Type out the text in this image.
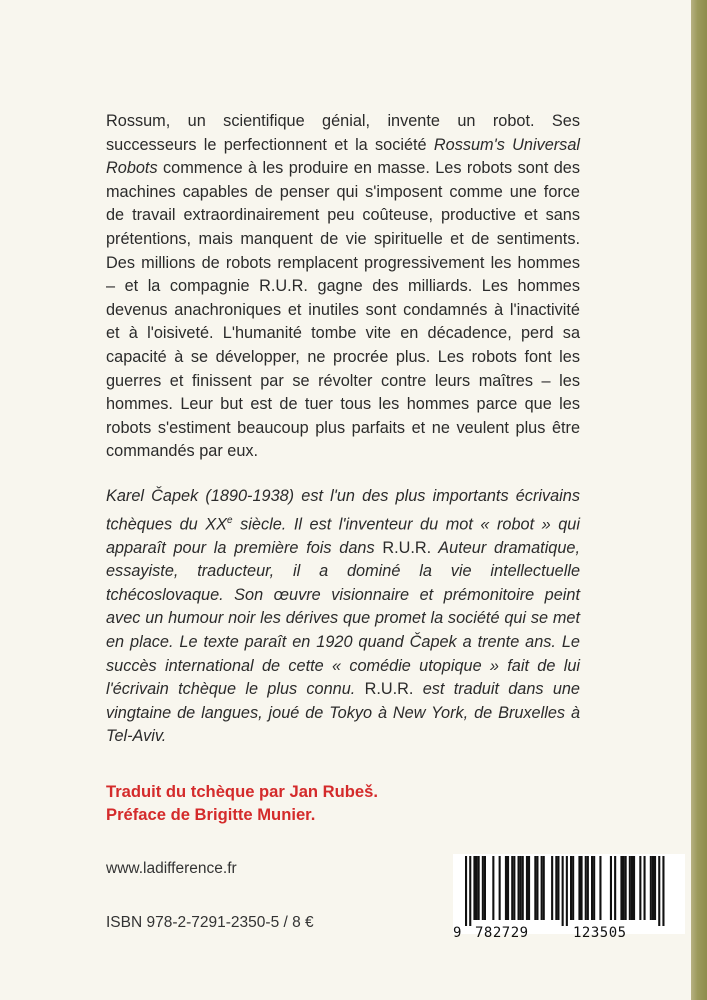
Rossum, un scientifique génial, invente un robot. Ses successeurs le perfectionnent et la société Rossum's Universal Robots commence à les produire en masse. Les robots sont des machines capables de penser qui s'imposent comme une force de travail extraordinairement peu coûteuse, productive et sans prétentions, mais manquent de vie spirituelle et de sentiments. Des millions de robots remplacent progressivement les hommes – et la compagnie R.U.R. gagne des milliards. Les hommes devenus anachroniques et inutiles sont condamnés à l'inactivité et à l'oisiveté. L'humanité tombe vite en décadence, perd sa capacité à se développer, ne procrée plus. Les robots font les guerres et finissent par se révolter contre leurs maîtres – les hommes. Leur but est de tuer tous les hommes parce que les robots s'estiment beaucoup plus parfaits et ne veulent plus être commandés par eux.

Karel Čapek (1890-1938) est l'un des plus importants écrivains tchèques du XXe siècle. Il est l'inventeur du mot « robot » qui apparaît pour la première fois dans R.U.R. Auteur dramatique, essayiste, traducteur, il a dominé la vie intellectuelle tchécoslovaque. Son œuvre visionnaire et prémonitoire peint avec un humour noir les dérives que promet la société qui se met en place. Le texte paraît en 1920 quand Čapek a trente ans. Le succès international de cette « comédie utopique » fait de lui l'écrivain tchèque le plus connu. R.U.R. est traduit dans une vingtaine de langues, joué de Tokyo à New York, de Bruxelles à Tel-Aviv.

Traduit du tchèque par Jan Rubeš.
Préface de Brigitte Munier.
www.ladifference.fr
ISBN 978-2-7291-2350-5 / 8 €
9 782729	123505
